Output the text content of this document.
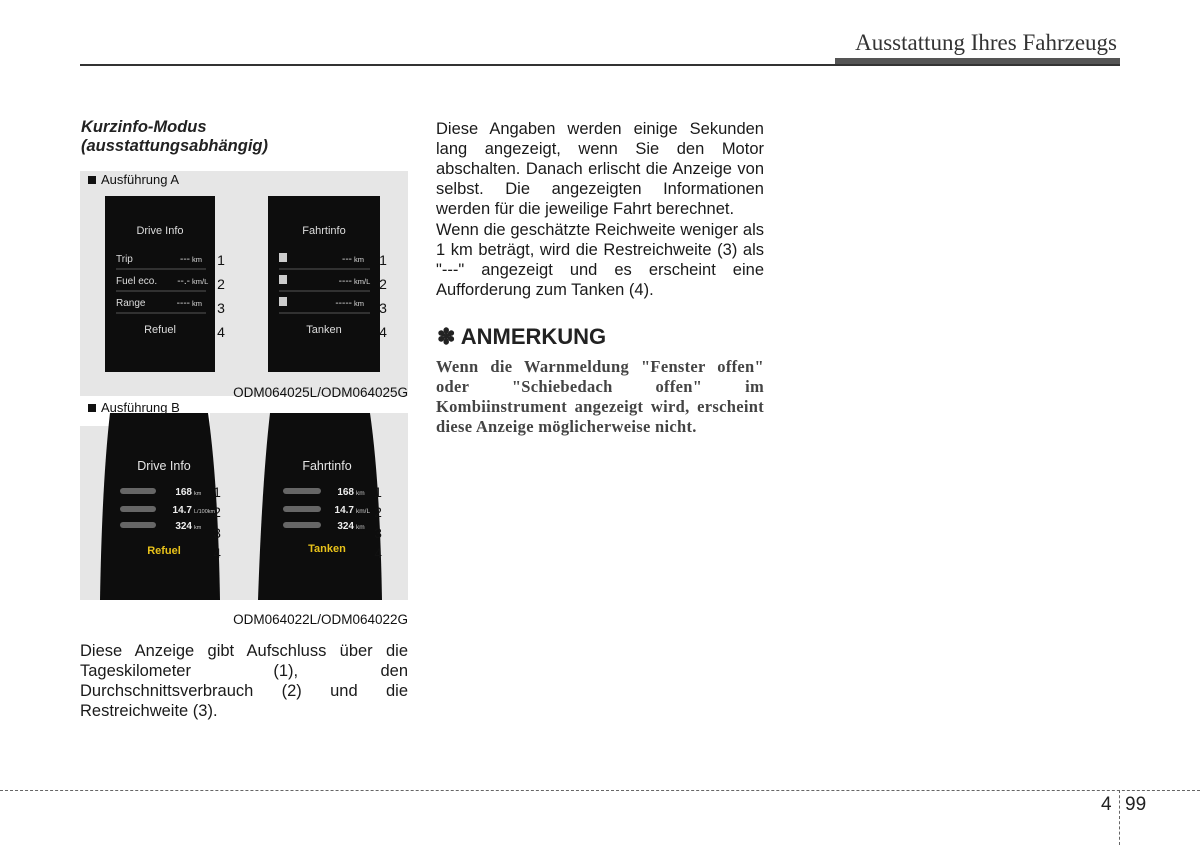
Ausstattung Ihres Fahrzeugs
Kurzinfo-Modus
(ausstattungsabhängig)
Ausführung A
Drive Info
Trip	--- km
Fuel eco. --.- km/L
Range	---- km
Refuel
Fahrtinfo
--- km
---- km/L
----- km
Tanken
1
2
3
4
1
2
3
4
ODM064025L/ODM064025G
Drive Info	Fahrtinfo
168 km
14.7 L/100km
324 km
168 km
14.7 km/L
324 km
Refuel	Tanken
1
2
3
4
1
2
3
4
Ausführung B
ODM064022L/ODM064022G
Diese Anzeige gibt Aufschluss über die Tageskilometer (1), den Durchschnittsverbrauch (2) und die Restreichweite (3).
Diese Angaben werden einige Sekunden lang angezeigt, wenn Sie den Motor abschalten. Danach erlischt die Anzeige von selbst. Die angezeigten Informationen werden für die jeweilige Fahrt berechnet.
Wenn die geschätzte Reichweite weniger als 1 km beträgt, wird die Restreichweite (3) als "---" angezeigt und es erscheint eine Aufforderung zum Tanken (4).
✽ ANMERKUNG
Wenn die Warnmeldung "Fenster offen" oder "Schiebedach offen" im Kombiinstrument angezeigt wird, erscheint diese Anzeige möglicherweise nicht.
4 99
